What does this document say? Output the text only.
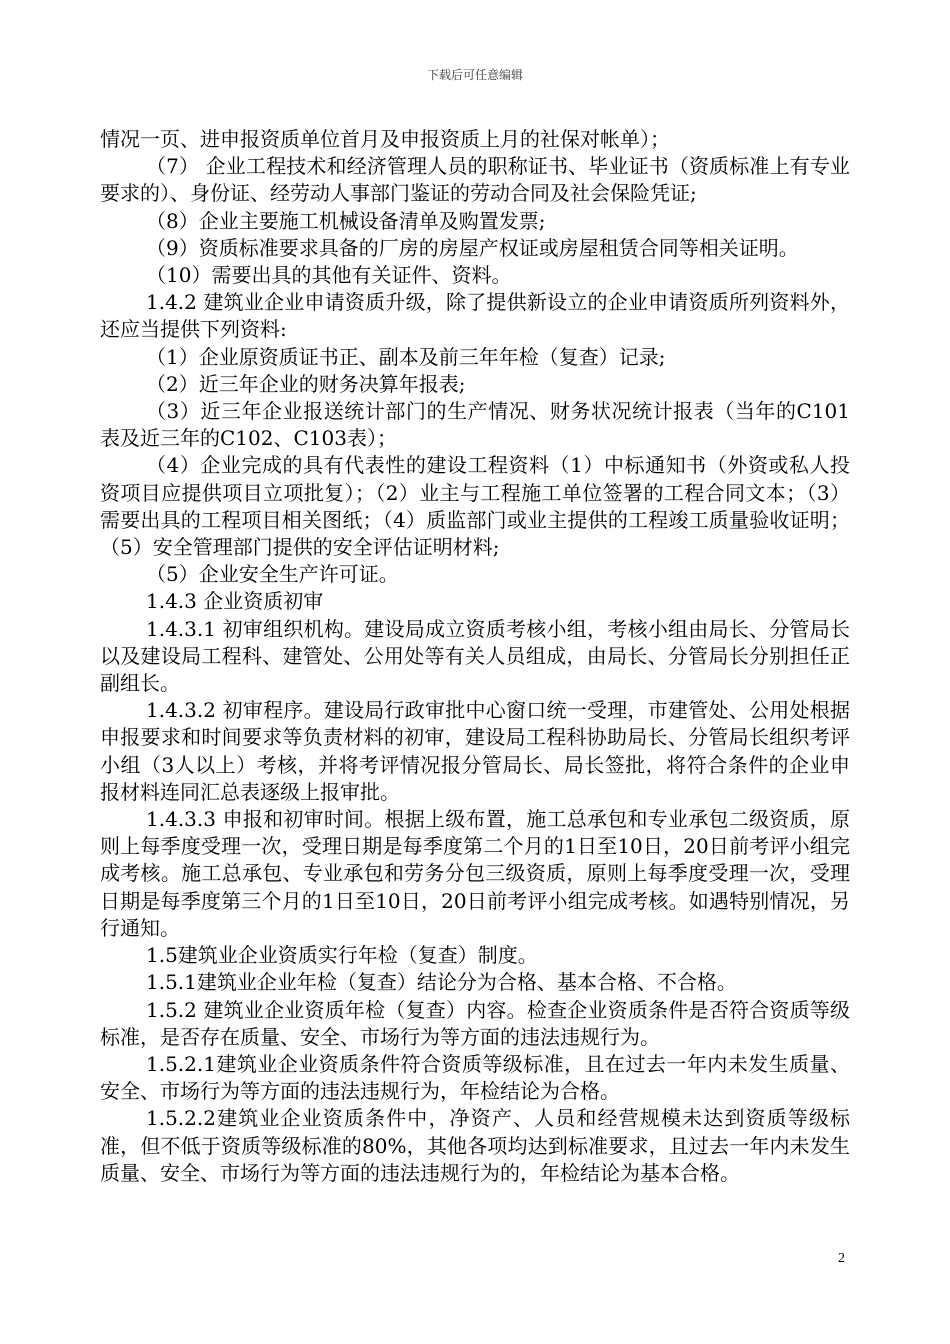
下载后可任意编辑

情况一页、进申报资质单位首月及申报资质上月的社保对帐单）；

（7） 企业工程技术和经济管理人员的职称证书、毕业证书（资质标准上有专业要求的）、身份证、经劳动人事部门鉴证的劳动合同及社会保险凭证;

（8）企业主要施工机械设备清单及购置发票;

（9）资质标准要求具备的厂房的房屋产权证或房屋租赁合同等相关证明。

（10）需要出具的其他有关证件、资料。

1.4.2 建筑业企业申请资质升级，除了提供新设立的企业申请资质所列资料外，还应当提供下列资料:

（1）企业原资质证书正、副本及前三年年检（复查）记录;

（2）近三年企业的财务决算年报表;

（3）近三年企业报送统计部门的生产情况、财务状况统计报表（当年的C101表及近三年的C102、C103表）；

（4）企业完成的具有代表性的建设工程资料（1）中标通知书（外资或私人投资项目应提供项目立项批复）；（2）业主与工程施工单位签署的工程合同文本；（3）需要出具的工程项目相关图纸；（4）质监部门或业主提供的工程竣工质量验收证明；（5）安全管理部门提供的安全评估证明材料;

（5）企业安全生产许可证。

1.4.3 企业资质初审

1.4.3.1 初审组织机构。建设局成立资质考核小组，考核小组由局长、分管局长以及建设局工程科、建管处、公用处等有关人员组成，由局长、分管局长分别担任正副组长。

1.4.3.2 初审程序。建设局行政审批中心窗口统一受理，市建管处、公用处根据申报要求和时间要求等负责材料的初审，建设局工程科协助局长、分管局长组织考评小组（3人以上）考核，并将考评情况报分管局长、局长签批，将符合条件的企业申报材料连同汇总表逐级上报审批。

1.4.3.3 申报和初审时间。根据上级布置，施工总承包和专业承包二级资质，原则上每季度受理一次，受理日期是每季度第二个月的1日至10日，20日前考评小组完成考核。施工总承包、专业承包和劳务分包三级资质，原则上每季度受理一次，受理日期是每季度第三个月的1日至10日，20日前考评小组完成考核。如遇特别情况，另行通知。

1.5建筑业企业资质实行年检（复查）制度。

1.5.1建筑业企业年检（复查）结论分为合格、基本合格、不合格。

1.5.2 建筑业企业资质年检（复查）内容。检查企业资质条件是否符合资质等级标准，是否存在质量、安全、市场行为等方面的违法违规行为。

1.5.2.1建筑业企业资质条件符合资质等级标准，且在过去一年内未发生质量、安全、市场行为等方面的违法违规行为，年检结论为合格。

1.5.2.2建筑业企业资质条件中，净资产、人员和经营规模未达到资质等级标准，但不低于资质等级标准的80%，其他各项均达到标准要求，且过去一年内未发生质量、安全、市场行为等方面的违法违规行为的，年检结论为基本合格。

2
